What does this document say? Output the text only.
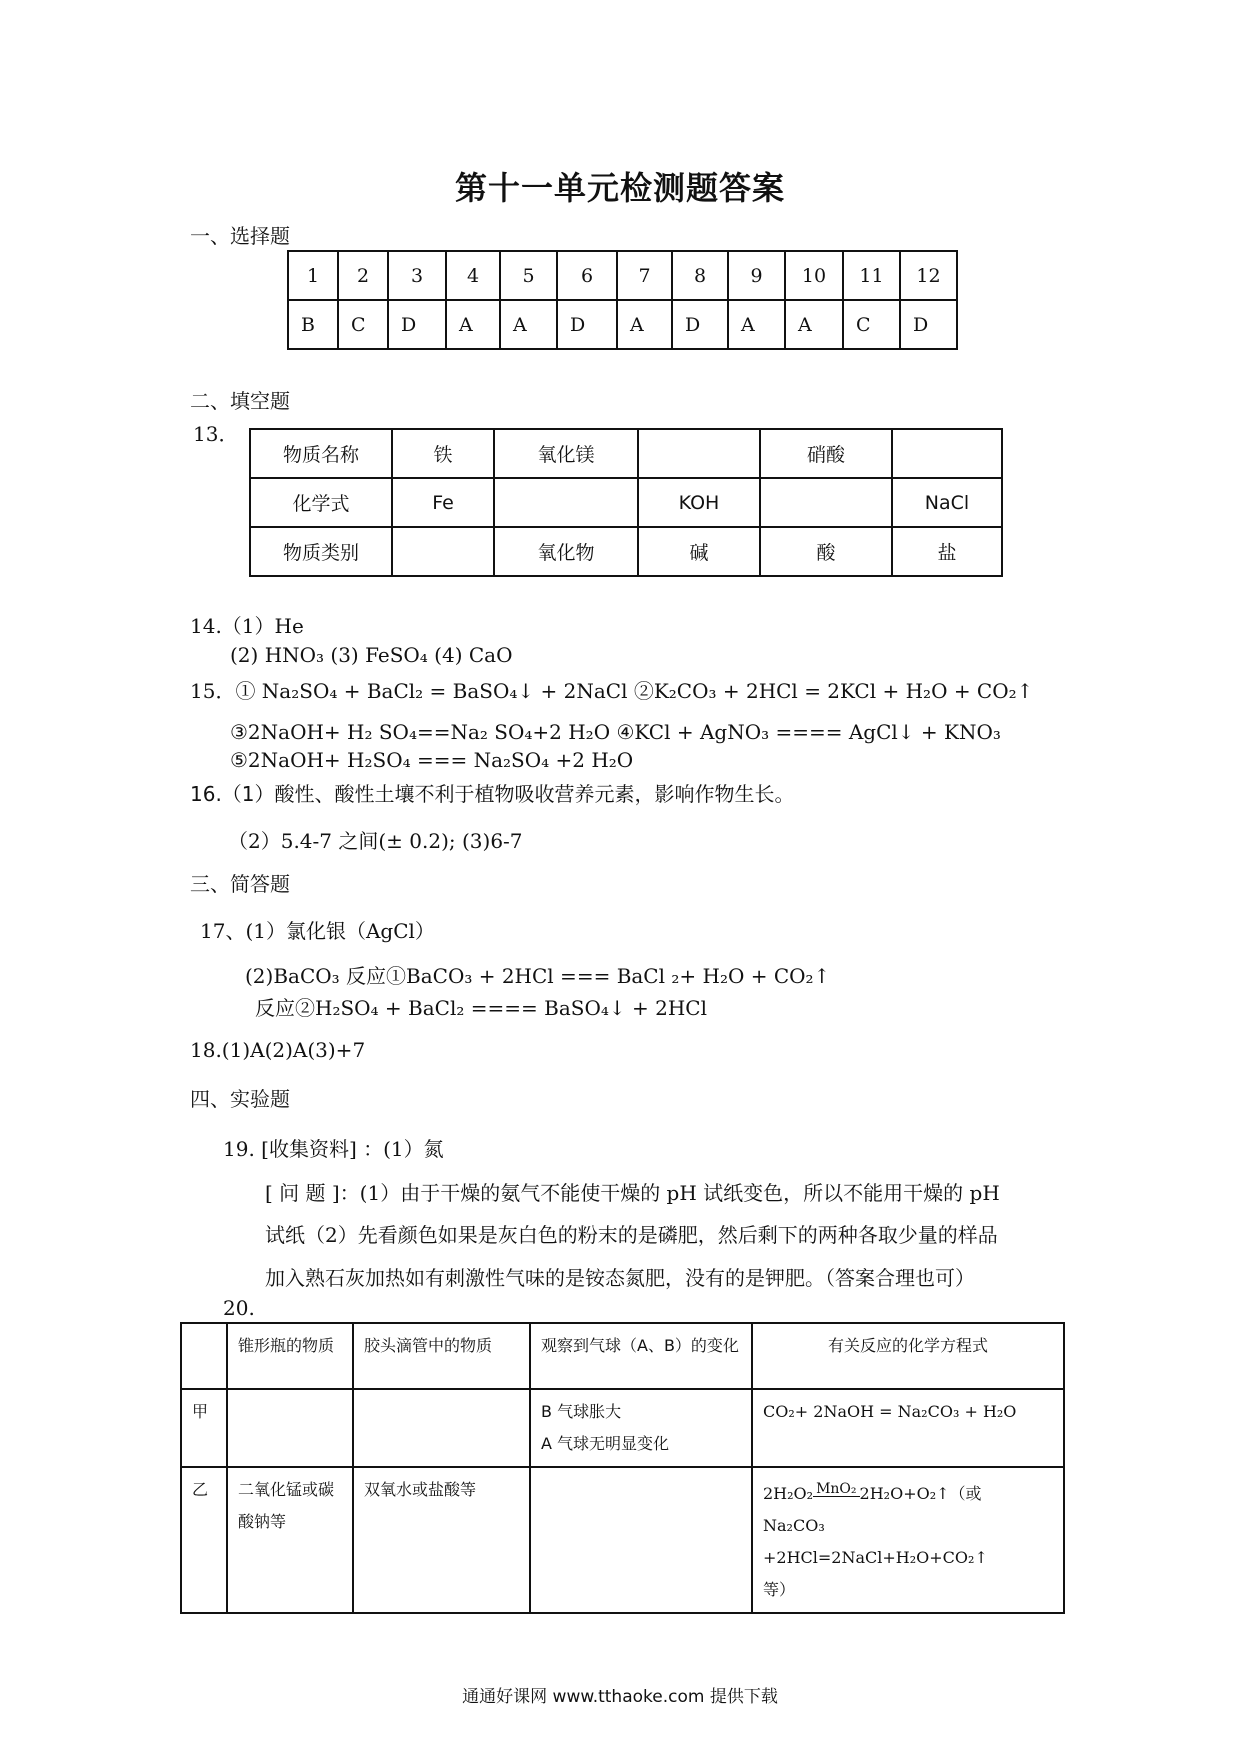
第十一单元检测题答案
一、选择题
1	2	3	4	5	6	7	8	9	10	11	12
B	C	D	A	A	D	A	D	A	A	C	D
二、填空题
13．
物质名称	铁	氧化镁		硝酸	
化学式	Fe		KOH		NaCl
物质类别		氧化物	碱	酸	盐
14.（1）He
(2) HNO₃ (3) FeSO₄ (4) CaO
15．① Na₂SO₄ + BaCl₂ = BaSO₄↓ + 2NaCl ②K₂CO₃ + 2HCl = 2KCl + H₂O + CO₂↑
③2NaOH+ H₂ SO₄==Na₂ SO₄+2 H₂O ④KCl + AgNO₃ ==== AgCl↓ + KNO₃
⑤2NaOH+ H₂SO₄ === Na₂SO₄ +2 H₂O
16.（1）酸性、酸性土壤不利于植物吸收营养元素，影响作物生长。
（2）5.4-7 之间(± 0.2); (3)6-7
三、简答题
17、(1）氯化银（AgCl）
(2)BaCO₃ 反应①BaCO₃ + 2HCl === BaCl ₂+ H₂O + CO₂↑
反应②H₂SO₄ + BaCl₂ ==== BaSO₄↓ + 2HCl
18.(1)A(2)A(3)+7
四、实验题
19. [收集资料] ：(1）氮
[ 问 题 ]：(1）由于干燥的氨气不能使干燥的 pH 试纸变色，所以不能用干燥的 pH
试纸（2）先看颜色如果是灰白色的粉末的是磷肥，然后剩下的两种各取少量的样品
加入熟石灰加热如有刺激性气味的是铵态氮肥，没有的是钾肥。（答案合理也可）
20.
	锥形瓶的物质	胶头滴管中的物质	观察到气球（A、B）的变化	有关反应的化学方程式
甲			B 气球胀大
A 气球无明显变化	CO₂+ 2NaOH = Na₂CO₃ + H₂O
乙	二氧化锰或碳酸钠等	双氧水或盐酸等		2H₂O₂ MnO₂ 2H₂O+O₂↑（或
Na₂CO₃ +2HCl=2NaCl+H₂O+CO₂↑
等）
通通好课网 www.tthaoke.com 提供下载
